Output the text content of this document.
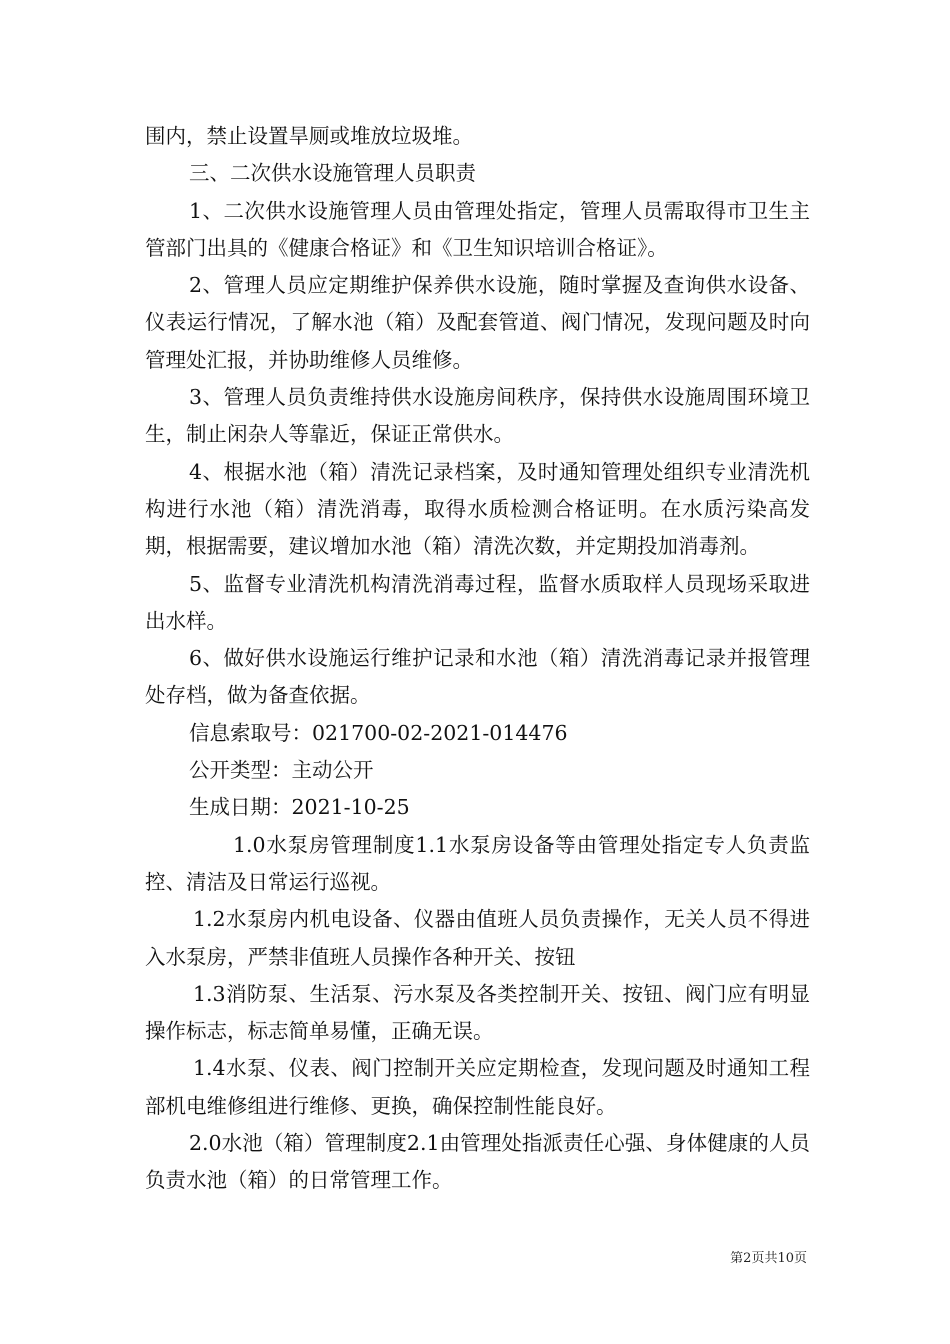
围内，禁止设置旱厕或堆放垃圾堆。

三、二次供水设施管理人员职责

1、二次供水设施管理人员由管理处指定，管理人员需取得市卫生主管部门出具的《健康合格证》和《卫生知识培训合格证》。

2、管理人员应定期维护保养供水设施，随时掌握及查询供水设备、仪表运行情况，了解水池（箱）及配套管道、阀门情况，发现问题及时向管理处汇报，并协助维修人员维修。

3、管理人员负责维持供水设施房间秩序，保持供水设施周围环境卫生，制止闲杂人等靠近，保证正常供水。

4、根据水池（箱）清洗记录档案，及时通知管理处组织专业清洗机构进行水池（箱）清洗消毒，取得水质检测合格证明。在水质污染高发期，根据需要，建议增加水池（箱）清洗次数，并定期投加消毒剂。

5、监督专业清洗机构清洗消毒过程，监督水质取样人员现场采取进出水样。

6、做好供水设施运行维护记录和水池（箱）清洗消毒记录并报管理处存档，做为备查依据。

信息索取号：021700-02-2021-014476

公开类型：主动公开

生成日期：2021-10-25

1.0水泵房管理制度1.1水泵房设备等由管理处指定专人负责监控、清洁及日常运行巡视。

1.2水泵房内机电设备、仪器由值班人员负责操作，无关人员不得进入水泵房，严禁非值班人员操作各种开关、按钮

1.3消防泵、生活泵、污水泵及各类控制开关、按钮、阀门应有明显操作标志，标志简单易懂，正确无误。

1.4水泵、仪表、阀门控制开关应定期检查，发现问题及时通知工程部机电维修组进行维修、更换，确保控制性能良好。

2.0水池（箱）管理制度2.1由管理处指派责任心强、身体健康的人员负责水池（箱）的日常管理工作。

第2页共10页
